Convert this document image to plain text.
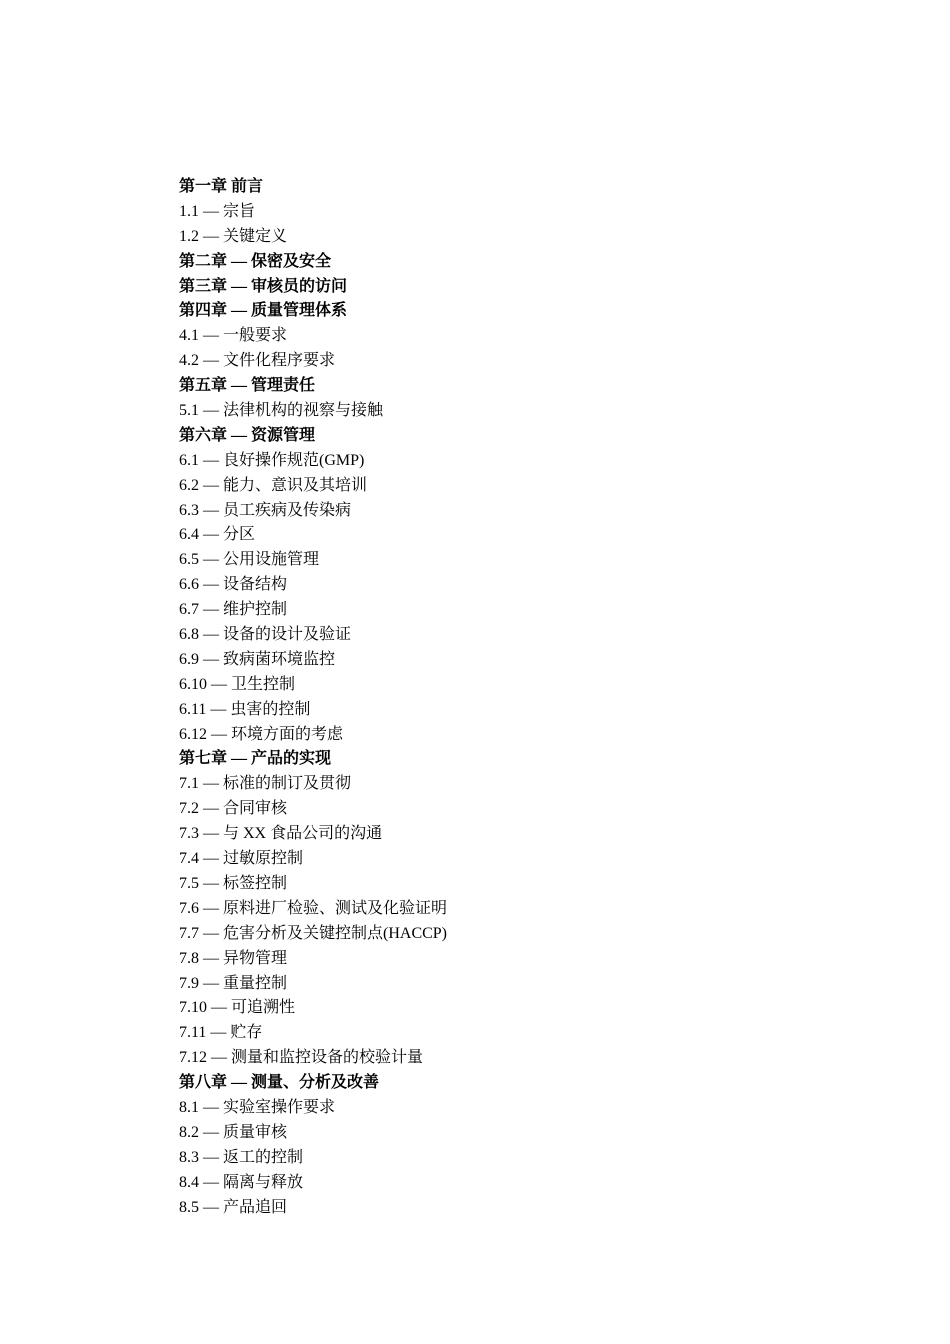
第一章 前言
1.1 — 宗旨
1.2 — 关键定义
第二章 — 保密及安全
第三章 — 审核员的访问
第四章 — 质量管理体系
4.1 — 一般要求
4.2 — 文件化程序要求
第五章 — 管理责任
5.1 — 法律机构的视察与接触
第六章 — 资源管理
6.1 — 良好操作规范(GMP)
6.2 — 能力、意识及其培训
6.3 — 员工疾病及传染病
6.4 — 分区
6.5 — 公用设施管理
6.6 — 设备结构
6.7 — 维护控制
6.8 — 设备的设计及验证
6.9 — 致病菌环境监控
6.10 — 卫生控制
6.11 — 虫害的控制
6.12 — 环境方面的考虑
第七章 — 产品的实现
7.1 — 标准的制订及贯彻
7.2 — 合同审核
7.3 — 与 XX 食品公司的沟通
7.4 — 过敏原控制
7.5 — 标签控制
7.6 — 原料进厂检验、测试及化验证明
7.7 — 危害分析及关键控制点(HACCP)
7.8 — 异物管理
7.9 — 重量控制
7.10 — 可追溯性
7.11 — 贮存
7.12 — 测量和监控设备的校验计量
第八章 — 测量、分析及改善
8.1 — 实验室操作要求
8.2 — 质量审核
8.3 — 返工的控制
8.4 — 隔离与释放
8.5 — 产品追回
